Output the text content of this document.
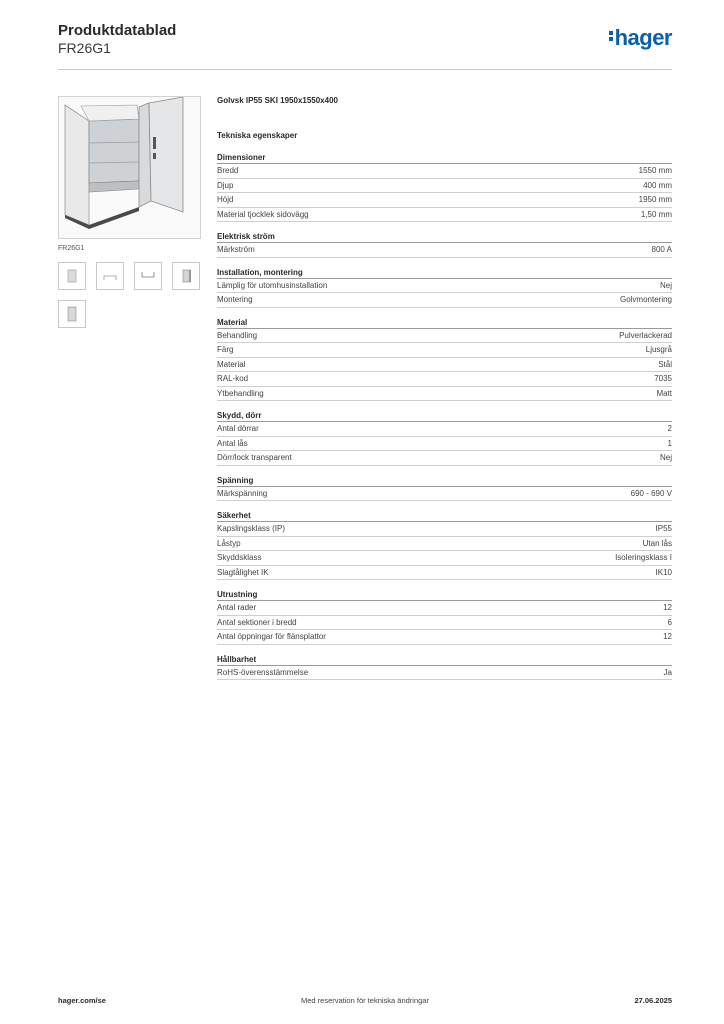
Produktdatablad
FR26G1	hager
FR26G1
Golvsk IP55 SKI 1950x1550x400
Tekniska egenskaper
Dimensioner
Bredd	1550 mm
Djup	400 mm
Höjd	1950 mm
Material tjocklek sidovägg	1,50 mm
Elektrisk ström
Märkström	800 A
Installation, montering
Lämplig för utomhusinstallation	Nej
Montering	Golvmontering
Material
Behandling	Pulverlackerad
Färg	Ljusgrå
Material	Stål
RAL-kod	7035
Ytbehandling	Matt
Skydd, dörr
Antal dörrar	2
Antal lås	1
Dörr/lock transparent	Nej
Spänning
Märkspänning	690 - 690 V
Säkerhet
Kapslingsklass (IP)	IP55
Låstyp	Utan lås
Skyddsklass	Isoleringsklass I
Slagtålighet IK	IK10
Utrustning
Antal rader	12
Antal sektioner i bredd	6
Antal öppningar för flänsplattor	12
Hållbarhet
RoHS-överensstämmelse	Ja
Med reservation för tekniska ändringar
hager.com/se	27.06.2025
